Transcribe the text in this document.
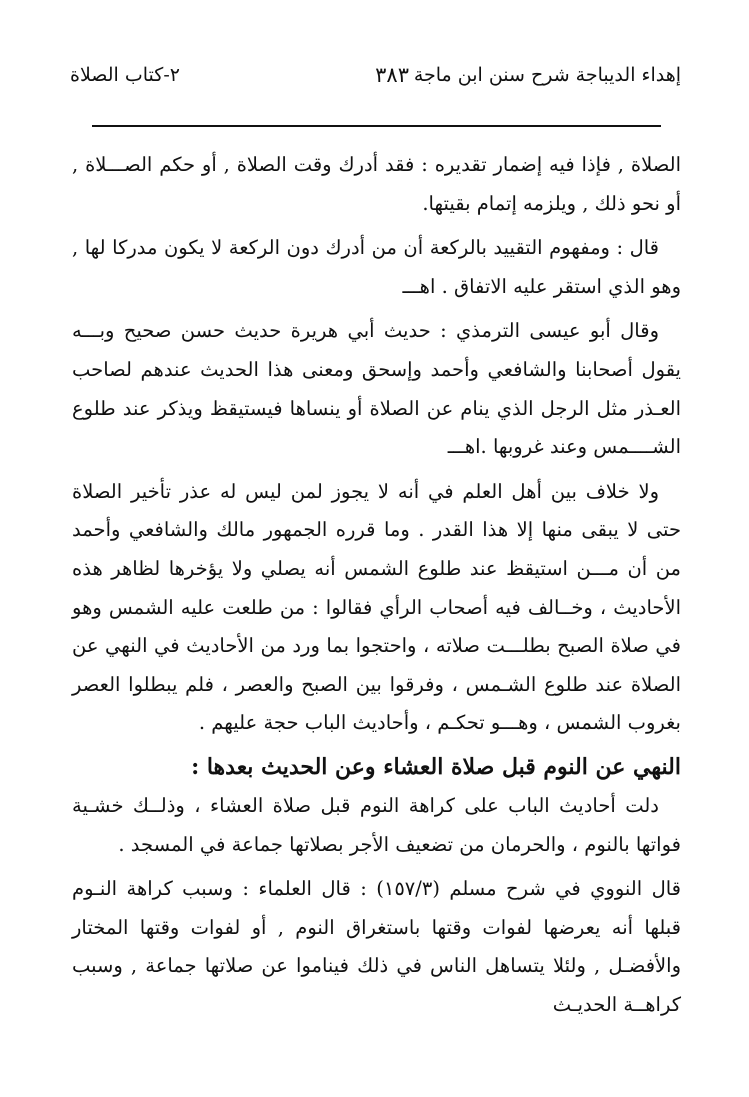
إهداء الديباجة شرح سنن ابن ماجة
٣٨٣
٢-كتاب الصلاة

الصلاة , فإذا فيه إضمار تقديره : فقد أدرك وقت الصلاة , أو حكم الصـــلاة , أو نحو ذلك , ويلزمه إتمام بقيتها.

قال : ومفهوم التقييد بالركعة أن من أدرك دون الركعة لا يكون مدركا لها , وهو الذي استقر عليه الاتفاق . اهـــ

وقال أبو عيسى الترمذي : حديث أبي هريرة حديث حسن صحيح وبـــه يقول أصحابنا والشافعي وأحمد وإسحق ومعنى هذا الحديث عندهم لصاحب العـذر مثل الرجل الذي ينام عن الصلاة أو ينساها فيستيقظ ويذكر عند طلوع الشــــمس وعند غروبها .اهـــ

ولا خلاف بين أهل العلم في أنه لا يجوز لمن ليس له عذر تأخير الصلاة حتى لا يبقى منها إلا هذا القدر . وما قرره الجمهور مالك والشافعي وأحمد من أن مـــن استيقظ عند طلوع الشمس أنه يصلي ولا يؤخرها لظاهر هذه الأحاديث ، وخــالف فيه أصحاب الرأي فقالوا : من طلعت عليه الشمس وهو في صلاة الصبح بطلـــت صلاته ، واحتجوا بما ورد من الأحاديث في النهي عن الصلاة عند طلوع الشـمس ، وفرقوا بين الصبح والعصر ، فلم يبطلوا العصر بغروب الشمس ، وهـــو تحكـم ، وأحاديث الباب حجة عليهم .

النهي عن النوم قبل صلاة العشاء وعن الحديث بعدها :

دلت أحاديث الباب على كراهة النوم قبل صلاة العشاء ، وذلــك خشـية فواتها بالنوم ، والحرمان من تضعيف الأجر بصلاتها جماعة في المسجد .

قال النووي في شرح مسلم (١٥٧/٣) : قال العلماء : وسبب كراهة النـوم قبلها أنه يعرضها لفوات وقتها باستغراق النوم , أو لفوات وقتها المختار والأفضـل , ولئلا يتساهل الناس في ذلك فيناموا عن صلاتها جماعة , وسبب كراهــة الحديـث
